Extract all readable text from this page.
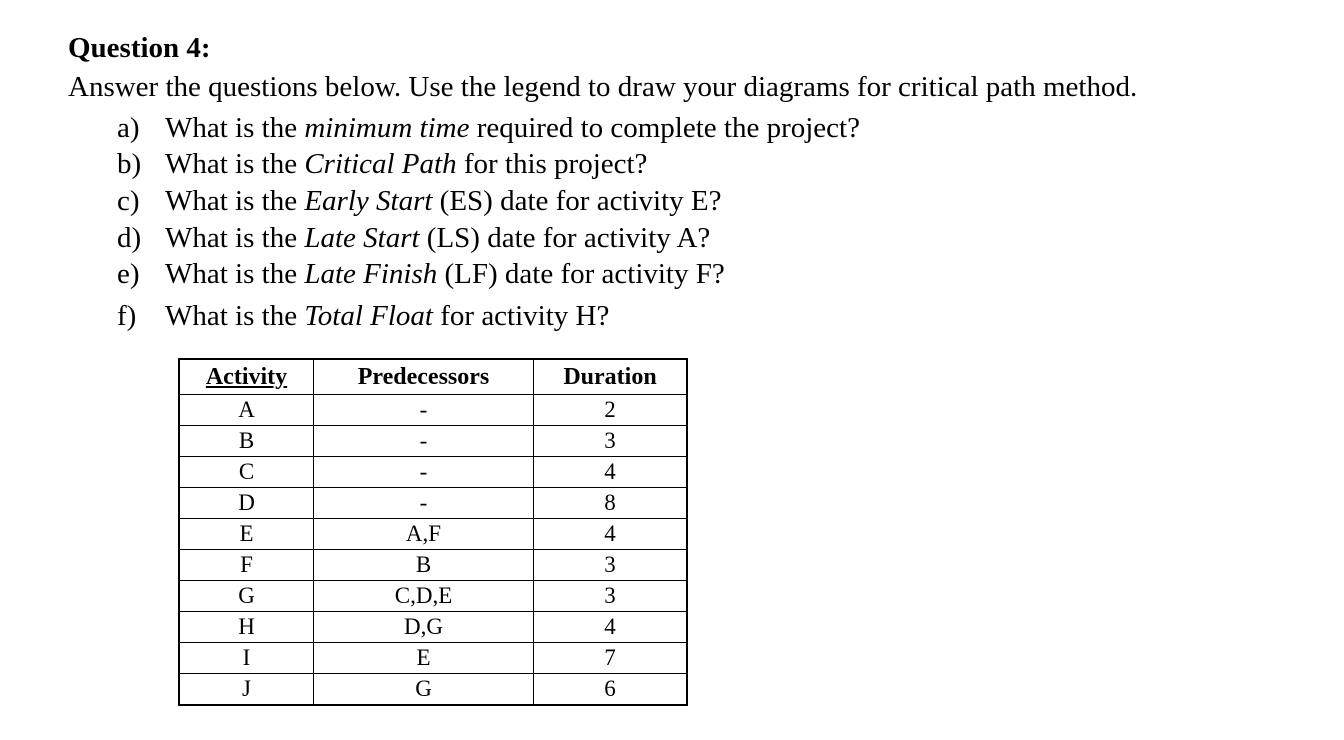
Question 4:
Answer the questions below. Use the legend to draw your diagrams for critical path method.
a) What is the minimum time required to complete the project?
b) What is the Critical Path for this project?
c) What is the Early Start (ES) date for activity E?
d) What is the Late Start (LS) date for activity A?
e) What is the Late Finish (LF) date for activity F?
f) What is the Total Float for activity H?
Activity	Predecessors	Duration
A	-	2
B	-	3
C	-	4
D	-	8
E	A,F	4
F	B	3
G	C,D,E	3
H	D,G	4
I	E	7
J	G	6
